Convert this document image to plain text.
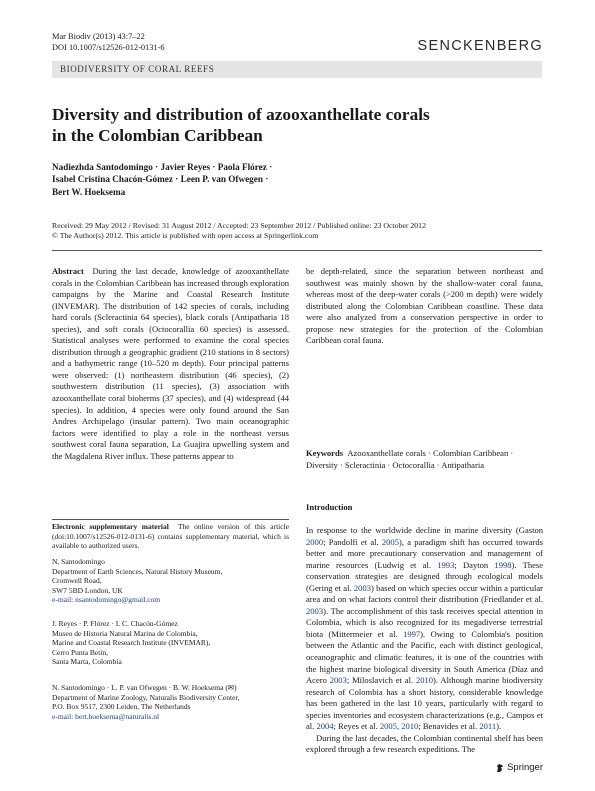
Mar Biodiv (2013) 43:7–22
DOI 10.1007/s12526-012-0131-6	SENCKENBERG
BIODIVERSITY OF CORAL REEFS
Diversity and distribution of azooxanthellate corals
in the Colombian Caribbean
Nadiezhda Santodomingo · Javier Reyes · Paola Flórez ·
Isabel Cristina Chacón-Gómez · Leen P. van Ofwegen ·
Bert W. Hoeksema
Received: 29 May 2012 / Revised: 31 August 2012 / Accepted: 23 September 2012 / Published online: 23 October 2012
© The Author(s) 2012. This article is published with open access at Springerlink.com

Abstract During the last decade, knowledge of azooxanthellate corals in the Colombian Caribbean has increased through exploration campaigns by the Marine and Coastal Research Institute (INVEMAR). The distribution of 142 species of corals, including hard corals (Scleractinia 64 species), black corals (Antipatharia 18 species), and soft corals (Octocorallia 60 species) is assessed. Statistical analyses were performed to examine the coral species distribution through a geographic gradient (210 stations in 8 sectors) and a bathymetric range (10–520 m depth). Four principal patterns were observed: (1) northeastern distribution (46 species), (2) southwestern distribution (11 species), (3) association with azooxanthellate coral bioherms (37 species), and (4) widespread (44 species). In addition, 4 species were only found around the San Andres Archipelago (insular pattern). Two main oceanographic factors were identified to play a role in the northeast versus southwest coral fauna separation, La Guajira upwelling system and the Magdalena River influx. These patterns appear to

Electronic supplementary material The online version of this article (doi:10.1007/s12526-012-0131-6) contains supplementary material, which is available to authorized users.

N. Santodomingo

Department of Earth Sciences, Natural History Museum,

Cromwell Road,

SW7 5BD London, UK

e-mail: nsantodomingo@gmail.com

J. Reyes · P. Flórez · I. C. Chacón-Gómez

Museo de Historia Natural Marina de Colombia,

Marine and Coastal Research Institute (INVEMAR),

Cerro Punta Betín,

Santa Marta, Colombia

N. Santodomingo · L. P. van Ofwegen · B. W. Hoeksema (✉)

Department of Marine Zoology, Naturalis Biodiversity Center,

P.O. Box 9517, 2300 Leiden, The Netherlands

e-mail: bert.hoeksema@naturalis.nl

be depth-related, since the separation between northeast and southwest was mainly shown by the shallow-water coral fauna, whereas most of the deep-water corals (>200 m depth) were widely distributed along the Colombian Caribbean coastline. These data were also analyzed from a conservation perspective in order to propose new strategies for the protection of the Colombian Caribbean coral fauna.
Keywords Azooxanthellate corals · Colombian Caribbean · Diversity · Scleractinia · Octocorallia · Antipatharia
Introduction

In response to the worldwide decline in marine diversity (Gaston 2000; Pandolfi et al. 2005), a paradigm shift has occurred towards better and more precautionary conservation and management of marine resources (Ludwig et al. 1993; Dayton 1998). These conservation strategies are designed through ecological models (Gering et al. 2003) based on which species occur within a particular area and on what factors control their distribution (Friedlander et al. 2003). The accomplishment of this task receives special attention in Colombia, which is also recognized for its megadiverse terrestrial biota (Mittermeier et al. 1997). Owing to Colombia's position between the Atlantic and the Pacific, each with distinct geological, oceanographic and climatic features, it is one of the countries with the highest marine biological diversity in South America (Díaz and Acero 2003; Miloslavich et al. 2010). Although marine biodiversity research of Colombia has a short history, considerable knowledge has been gathered in the last 10 years, particularly with regard to species inventories and ecosystem characterizations (e.g., Campos et al. 2004; Reyes et al. 2005, 2010; Benavides et al. 2011).

During the last decades, the Colombian continental shelf has been explored through a few research expeditions. The

Springer
